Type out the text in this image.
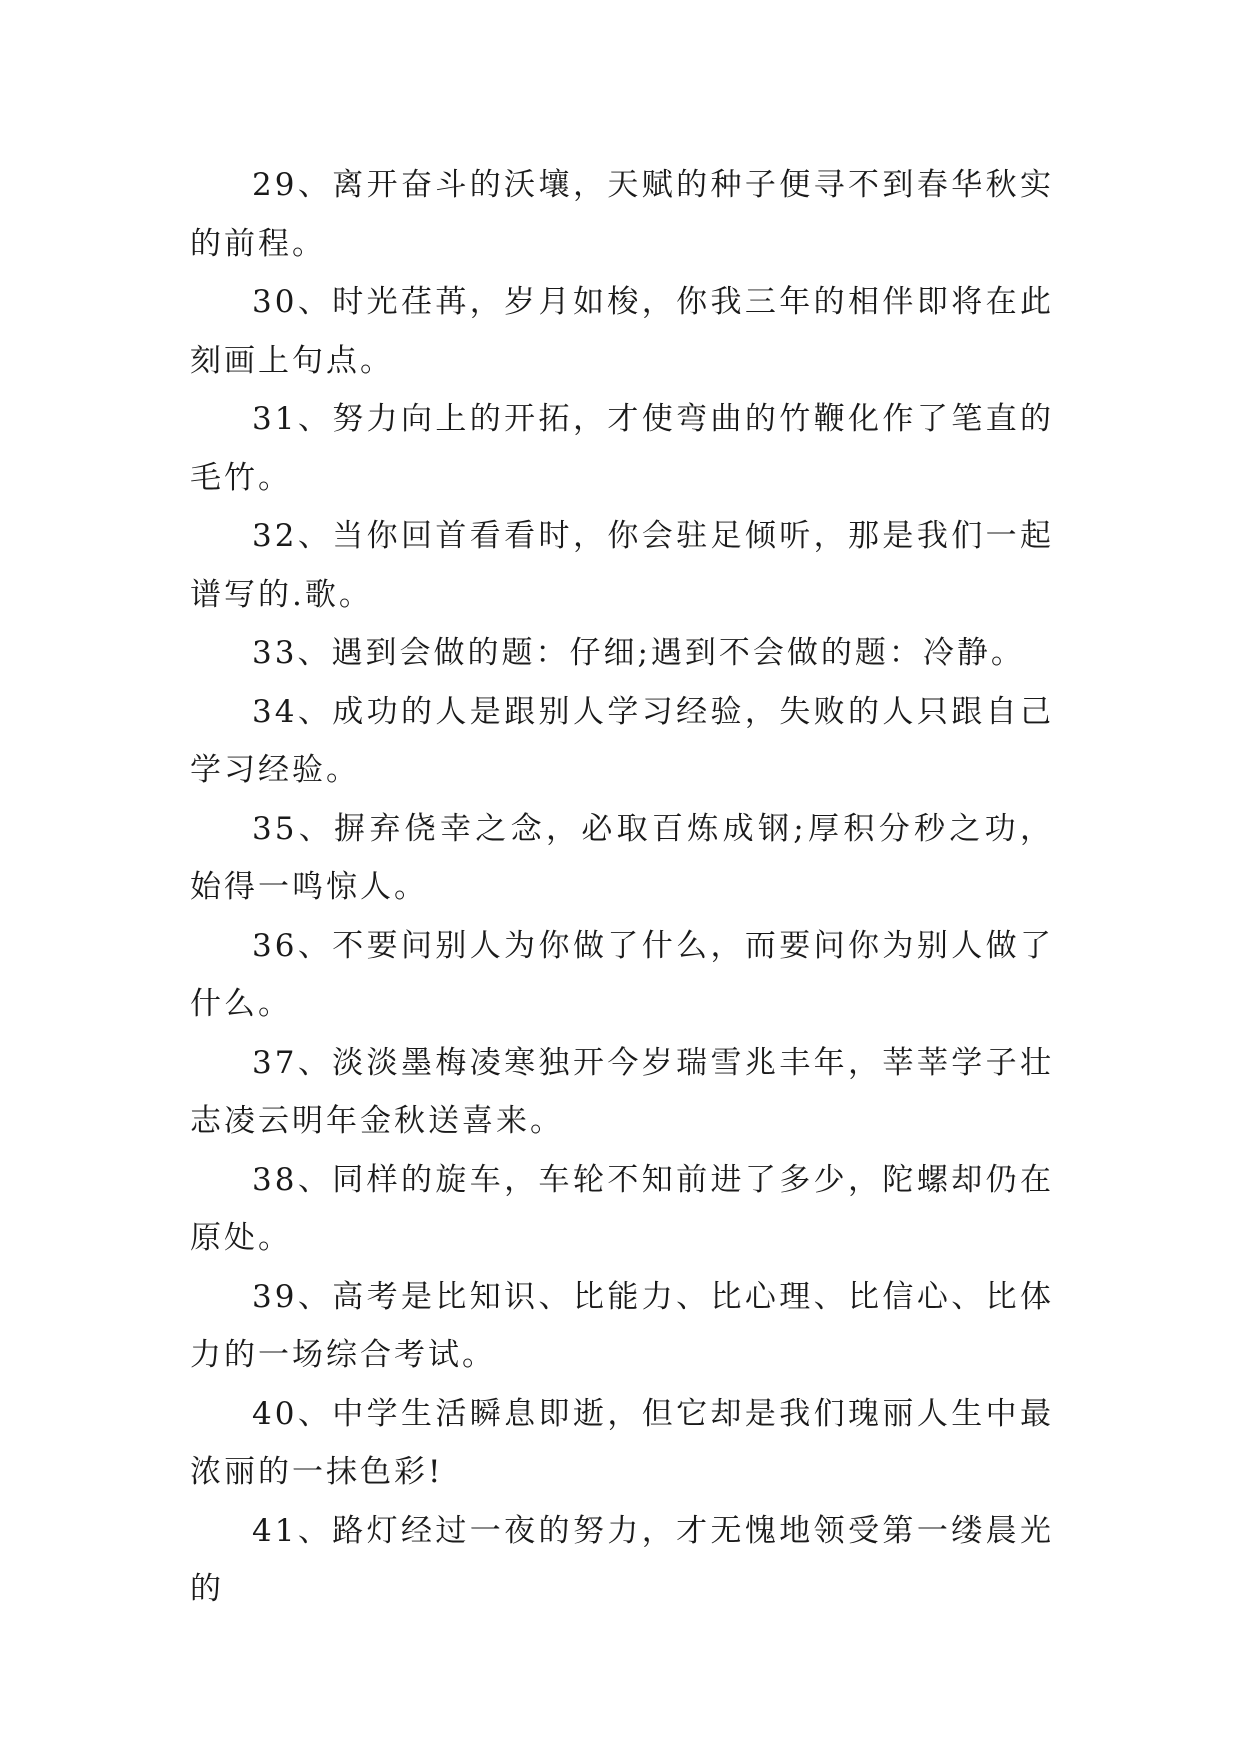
29、离开奋斗的沃壤，天赋的种子便寻不到春华秋实的前程。

30、时光荏苒，岁月如梭，你我三年的相伴即将在此刻画上句点。

31、努力向上的开拓，才使弯曲的竹鞭化作了笔直的毛竹。

32、当你回首看看时，你会驻足倾听，那是我们一起谱写的.歌。

33、遇到会做的题：仔细;遇到不会做的题：冷静。

34、成功的人是跟别人学习经验，失败的人只跟自己学习经验。

35、摒弃侥幸之念，必取百炼成钢;厚积分秒之功，始得一鸣惊人。

36、不要问别人为你做了什么，而要问你为别人做了什么。

37、淡淡墨梅凌寒独开今岁瑞雪兆丰年，莘莘学子壮志凌云明年金秋送喜来。

38、同样的旋车，车轮不知前进了多少，陀螺却仍在原处。

39、高考是比知识、比能力、比心理、比信心、比体力的一场综合考试。

40、中学生活瞬息即逝，但它却是我们瑰丽人生中最浓丽的一抹色彩!

41、路灯经过一夜的努力，才无愧地领受第一缕晨光的
